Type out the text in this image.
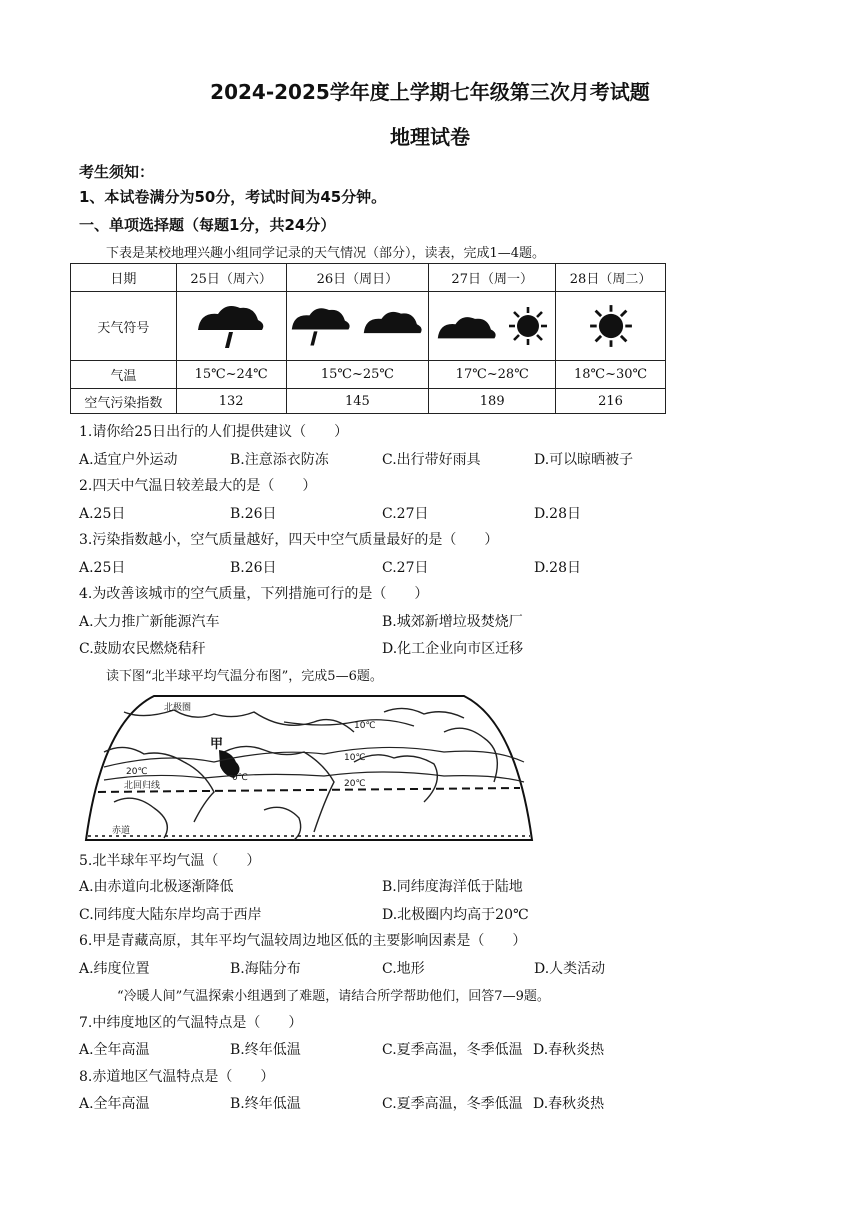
2024-2025学年度上学期七年级第三次月考试题
地理试卷
考生须知：
1、本试卷满分为50分，考试时间为45分钟。
一、单项选择题（每题1分，共24分）
下表是某校地理兴趣小组同学记录的天气情况（部分），读表，完成1—4题。
日期	25日（周六）	26日（周日）	27日（周一）	28日（周二）
天气符号				
气温	15℃~24℃	15℃~25℃	17℃~28℃	18℃~30℃
空气污染指数	132	145	189	216
1.请你给25日出行的人们提供建议（　　）
A.适宜户外运动	B.注意添衣防冻	C.出行带好雨具	D.可以晾晒被子
2.四天中气温日较差最大的是（　　）
A.25日	B.26日	C.27日	D.28日
3.污染指数越小，空气质量越好，四天中空气质量最好的是（　　）
A.25日	B.26日	C.27日	D.28日
4.为改善该城市的空气质量，下列措施可行的是（　　）
A.大力推广新能源汽车	B.城郊新增垃圾焚烧厂
C.鼓励农民燃烧秸秆	D.化工企业向市区迁移
读下图“北半球平均气温分布图”，完成5—6题。
北极圈
甲
0℃
10℃
10℃
20℃
20℃
北回归线
赤道
5.北半球年平均气温（　　）
A.由赤道向北极逐渐降低	B.同纬度海洋低于陆地
C.同纬度大陆东岸均高于西岸	D.北极圈内均高于20℃
6.甲是青藏高原，其年平均气温较周边地区低的主要影响因素是（　　）
A.纬度位置	B.海陆分布	C.地形	D.人类活动
“冷暖人间”气温探索小组遇到了难题，请结合所学帮助他们，回答7—9题。
7.中纬度地区的气温特点是（　　）
A.全年高温	B.终年低温	C.夏季高温，冬季低温 D.春秋炎热
8.赤道地区气温特点是（　　）
A.全年高温	B.终年低温	C.夏季高温，冬季低温 D.春秋炎热
